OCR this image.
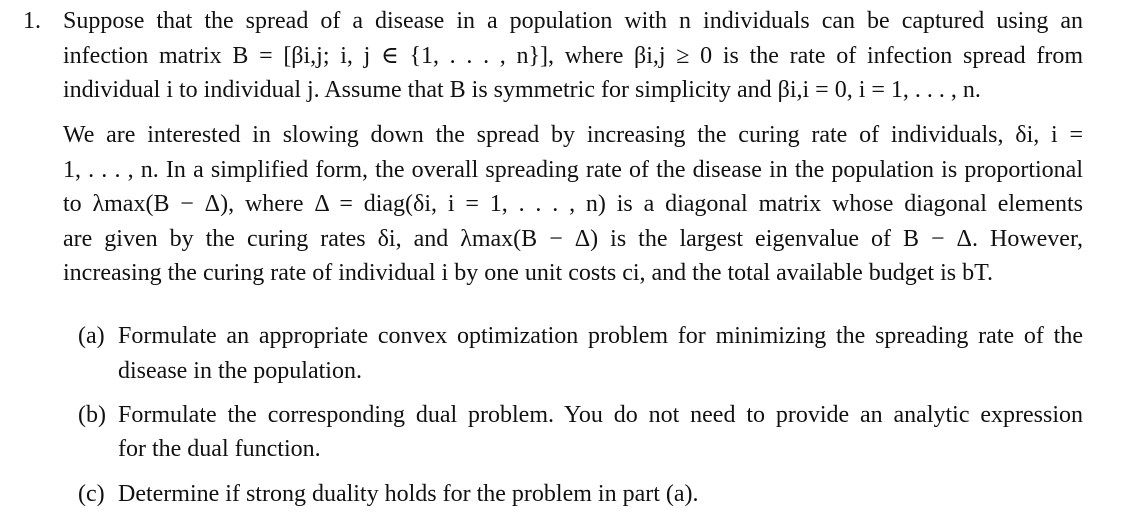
1. Suppose that the spread of a disease in a population with n individuals can be captured using an
infection matrix B = [βi,j; i, j ∈ {1, . . . , n}], where βi,j ≥ 0 is the rate of infection spread from
individual i to individual j. Assume that B is symmetric for simplicity and βi,i = 0, i = 1, . . . , n.
We are interested in slowing down the spread by increasing the curing rate of individuals, δi, i =
1, . . . , n. In a simplified form, the overall spreading rate of the disease in the population is proportional
to λmax(B − Δ), where Δ = diag(δi, i = 1, . . . , n) is a diagonal matrix whose diagonal elements
are given by the curing rates δi, and λmax(B − Δ) is the largest eigenvalue of B − Δ. However,
increasing the curing rate of individual i by one unit costs ci, and the total available budget is bT.
(a) Formulate an appropriate convex optimization problem for minimizing the spreading rate of the
disease in the population.
(b) Formulate the corresponding dual problem. You do not need to provide an analytic expression
for the dual function.
(c) Determine if strong duality holds for the problem in part (a).
